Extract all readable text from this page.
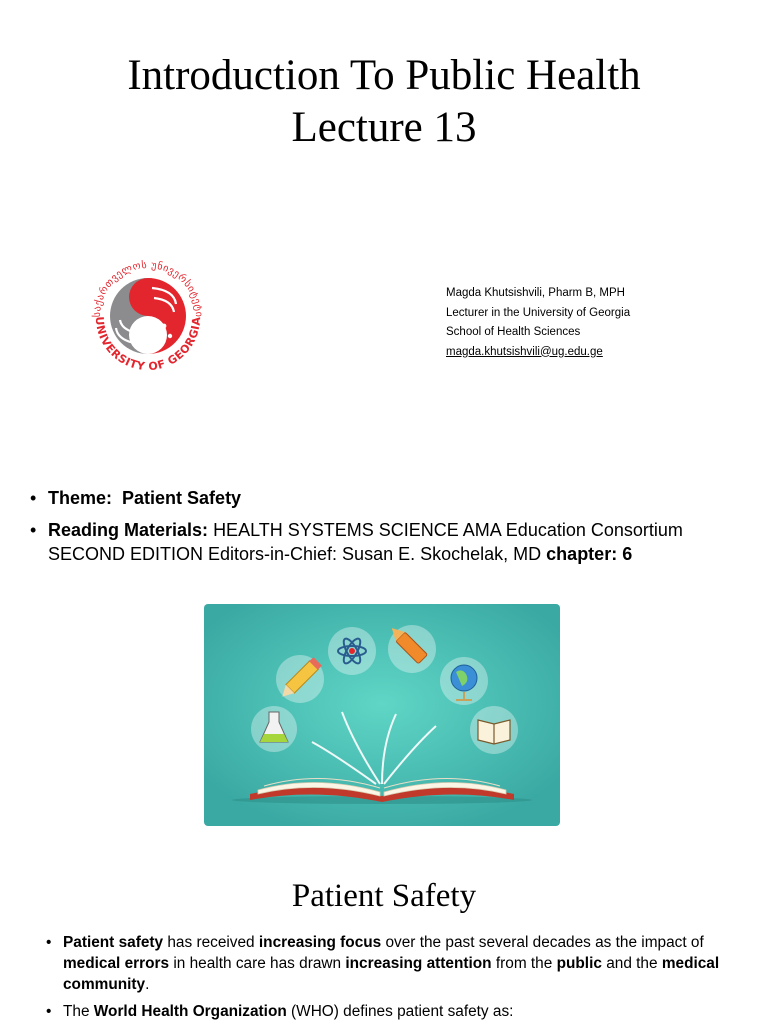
Introduction To Public Health
Lecture 13
საქართველოს უნივერსიტეტი
UNIVERSITY OF GEORGIA
Magda Khutsishvili, Pharm B, MPH
Lecturer in the University of Georgia
School of Health Sciences
magda.khutsishvili@ug.edu.ge
• Theme: Patient Safety
• Reading Materials: HEALTH SYSTEMS SCIENCE AMA Education Consortium SECOND EDITION Editors-in-Chief: Susan E. Skochelak, MD chapter: 6
Patient Safety
• Patient safety has received increasing focus over the past several decades as the impact of medical errors in health care has drawn increasing attention from the public and the medical community.
• The World Health Organization (WHO) defines patient safety as:
